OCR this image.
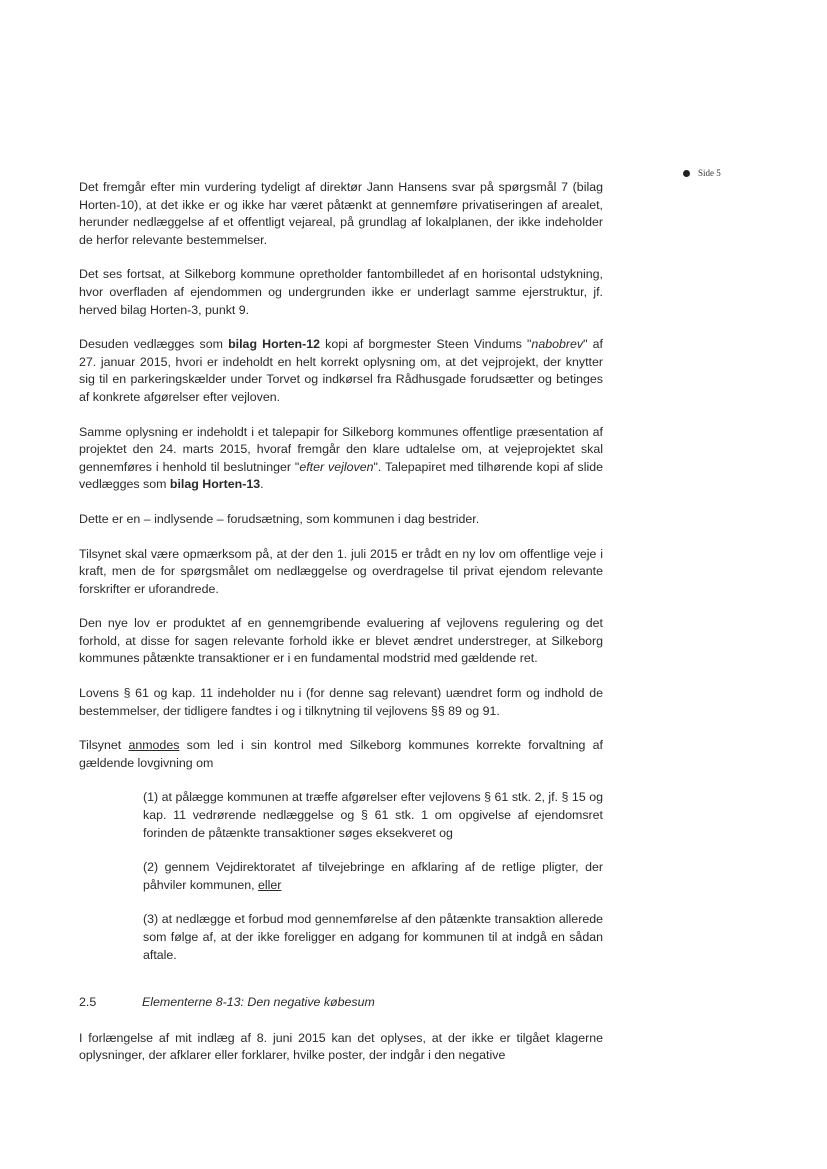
Side 5

Det fremgår efter min vurdering tydeligt af direktør Jann Hansens svar på spørgsmål 7 (bilag Horten-10), at det ikke er og ikke har været påtænkt at gennemføre privatiseringen af arealet, herunder nedlæggelse af et offentligt vejareal, på grundlag af lokalplanen, der ikke indeholder de herfor relevante bestemmelser.

Det ses fortsat, at Silkeborg kommune opretholder fantombilledet af en horisontal udstykning, hvor overfladen af ejendommen og undergrunden ikke er underlagt samme ejerstruktur, jf. herved bilag Horten-3, punkt 9.

Desuden vedlægges som bilag Horten-12 kopi af borgmester Steen Vindums "nabobrev" af 27. januar 2015, hvori er indeholdt en helt korrekt oplysning om, at det vejprojekt, der knytter sig til en parkeringskælder under Torvet og indkørsel fra Rådhusgade forudsætter og betinges af konkrete afgørelser efter vejloven.

Samme oplysning er indeholdt i et talepapir for Silkeborg kommunes offentlige præsentation af projektet den 24. marts 2015, hvoraf fremgår den klare udtalelse om, at vejeprojektet skal gennemføres i henhold til beslutninger "efter vejloven". Talepapiret med tilhørende kopi af slide vedlægges som bilag Horten-13.

Dette er en – indlysende – forudsætning, som kommunen i dag bestrider.

Tilsynet skal være opmærksom på, at der den 1. juli 2015 er trådt en ny lov om offentlige veje i kraft, men de for spørgsmålet om nedlæggelse og overdragelse til privat ejendom relevante forskrifter er uforandrede.

Den nye lov er produktet af en gennemgribende evaluering af vejlovens regulering og det forhold, at disse for sagen relevante forhold ikke er blevet ændret understreger, at Silkeborg kommunes påtænkte transaktioner er i en fundamental modstrid med gældende ret.

Lovens § 61 og kap. 11 indeholder nu i (for denne sag relevant) uændret form og indhold de bestemmelser, der tidligere fandtes i og i tilknytning til vejlovens §§ 89 og 91.

Tilsynet anmodes som led i sin kontrol med Silkeborg kommunes korrekte forvaltning af gældende lovgivning om

(1) at pålægge kommunen at træffe afgørelser efter vejlovens § 61 stk. 2, jf. § 15 og kap. 11 vedrørende nedlæggelse og § 61 stk. 1 om opgivelse af ejendomsret forinden de påtænkte transaktioner søges eksekveret og

(2) gennem Vejdirektoratet af tilvejebringe en afklaring af de retlige pligter, der påhviler kommunen, eller

(3) at nedlægge et forbud mod gennemførelse af den påtænkte transaktion allerede som følge af, at der ikke foreligger en adgang for kommunen til at indgå en sådan aftale.

2.5	Elementerne 8-13: Den negative købesum

I forlængelse af mit indlæg af 8. juni 2015 kan det oplyses, at der ikke er tilgået klagerne oplysninger, der afklarer eller forklarer, hvilke poster, der indgår i den negative
